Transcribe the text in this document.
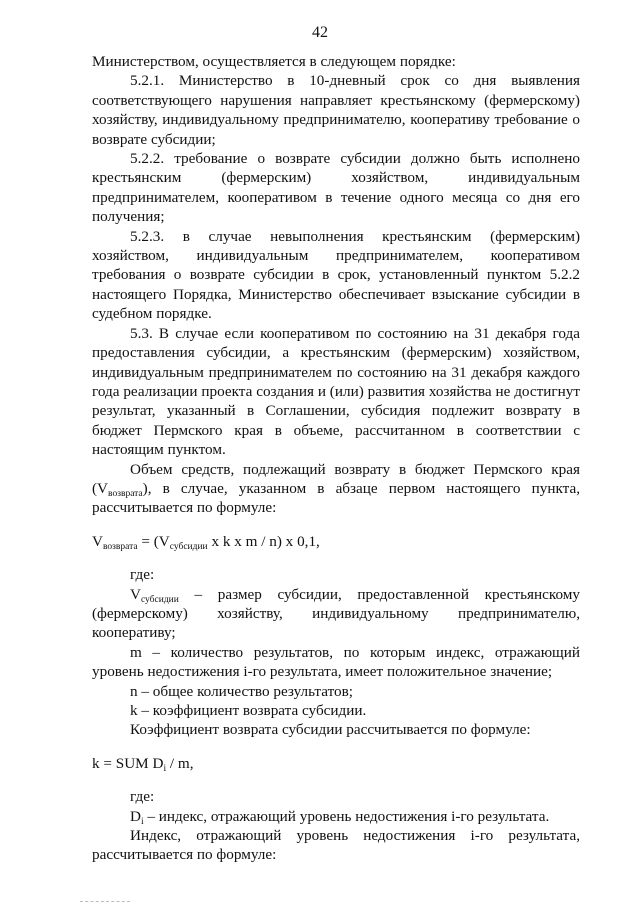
42

Министерством, осуществляется в следующем порядке:

5.2.1. Министерство в 10-дневный срок со дня выявления соответствующего нарушения направляет крестьянскому (фермерскому) хозяйству, индивидуальному предпринимателю, кооперативу требование о возврате субсидии;

5.2.2. требование о возврате субсидии должно быть исполнено крестьянским (фермерским) хозяйством, индивидуальным предпринимателем, кооперативом в течение одного месяца со дня его получения;

5.2.3. в случае невыполнения крестьянским (фермерским) хозяйством, индивидуальным предпринимателем, кооперативом требования о возврате субсидии в срок, установленный пунктом 5.2.2 настоящего Порядка, Министерство обеспечивает взыскание субсидии в судебном порядке.

5.3. В случае если кооперативом по состоянию на 31 декабря года предоставления субсидии, а крестьянским (фермерским) хозяйством, индивидуальным предпринимателем по состоянию на 31 декабря каждого года реализации проекта создания и (или) развития хозяйства не достигнут результат, указанный в Соглашении, субсидия подлежит возврату в бюджет Пермского края в объеме, рассчитанном в соответствии с настоящим пунктом.

Объем средств, подлежащий возврату в бюджет Пермского края $(V_{возврата})$, в случае, указанном в абзаце первом настоящего пункта, рассчитывается по формуле:

$V_{возврата} = (V_{субсидии}$ x k x m / n) x 0,1,

где:

$V_{субсидии}$ – размер субсидии, предоставленной крестьянскому (фермерскому) хозяйству, индивидуальному предпринимателю, кооперативу;

m – количество результатов, по которым индекс, отражающий уровень недостижения i-го результата, имеет положительное значение;

n – общее количество результатов;

k – коэффициент возврата субсидии.

Коэффициент возврата субсидии рассчитывается по формуле:

k = SUM $D_i$ / m,

где:

$D_i$ – индекс, отражающий уровень недостижения i-го результата.

Индекс, отражающий уровень недостижения i-го результата, рассчитывается по формуле:
